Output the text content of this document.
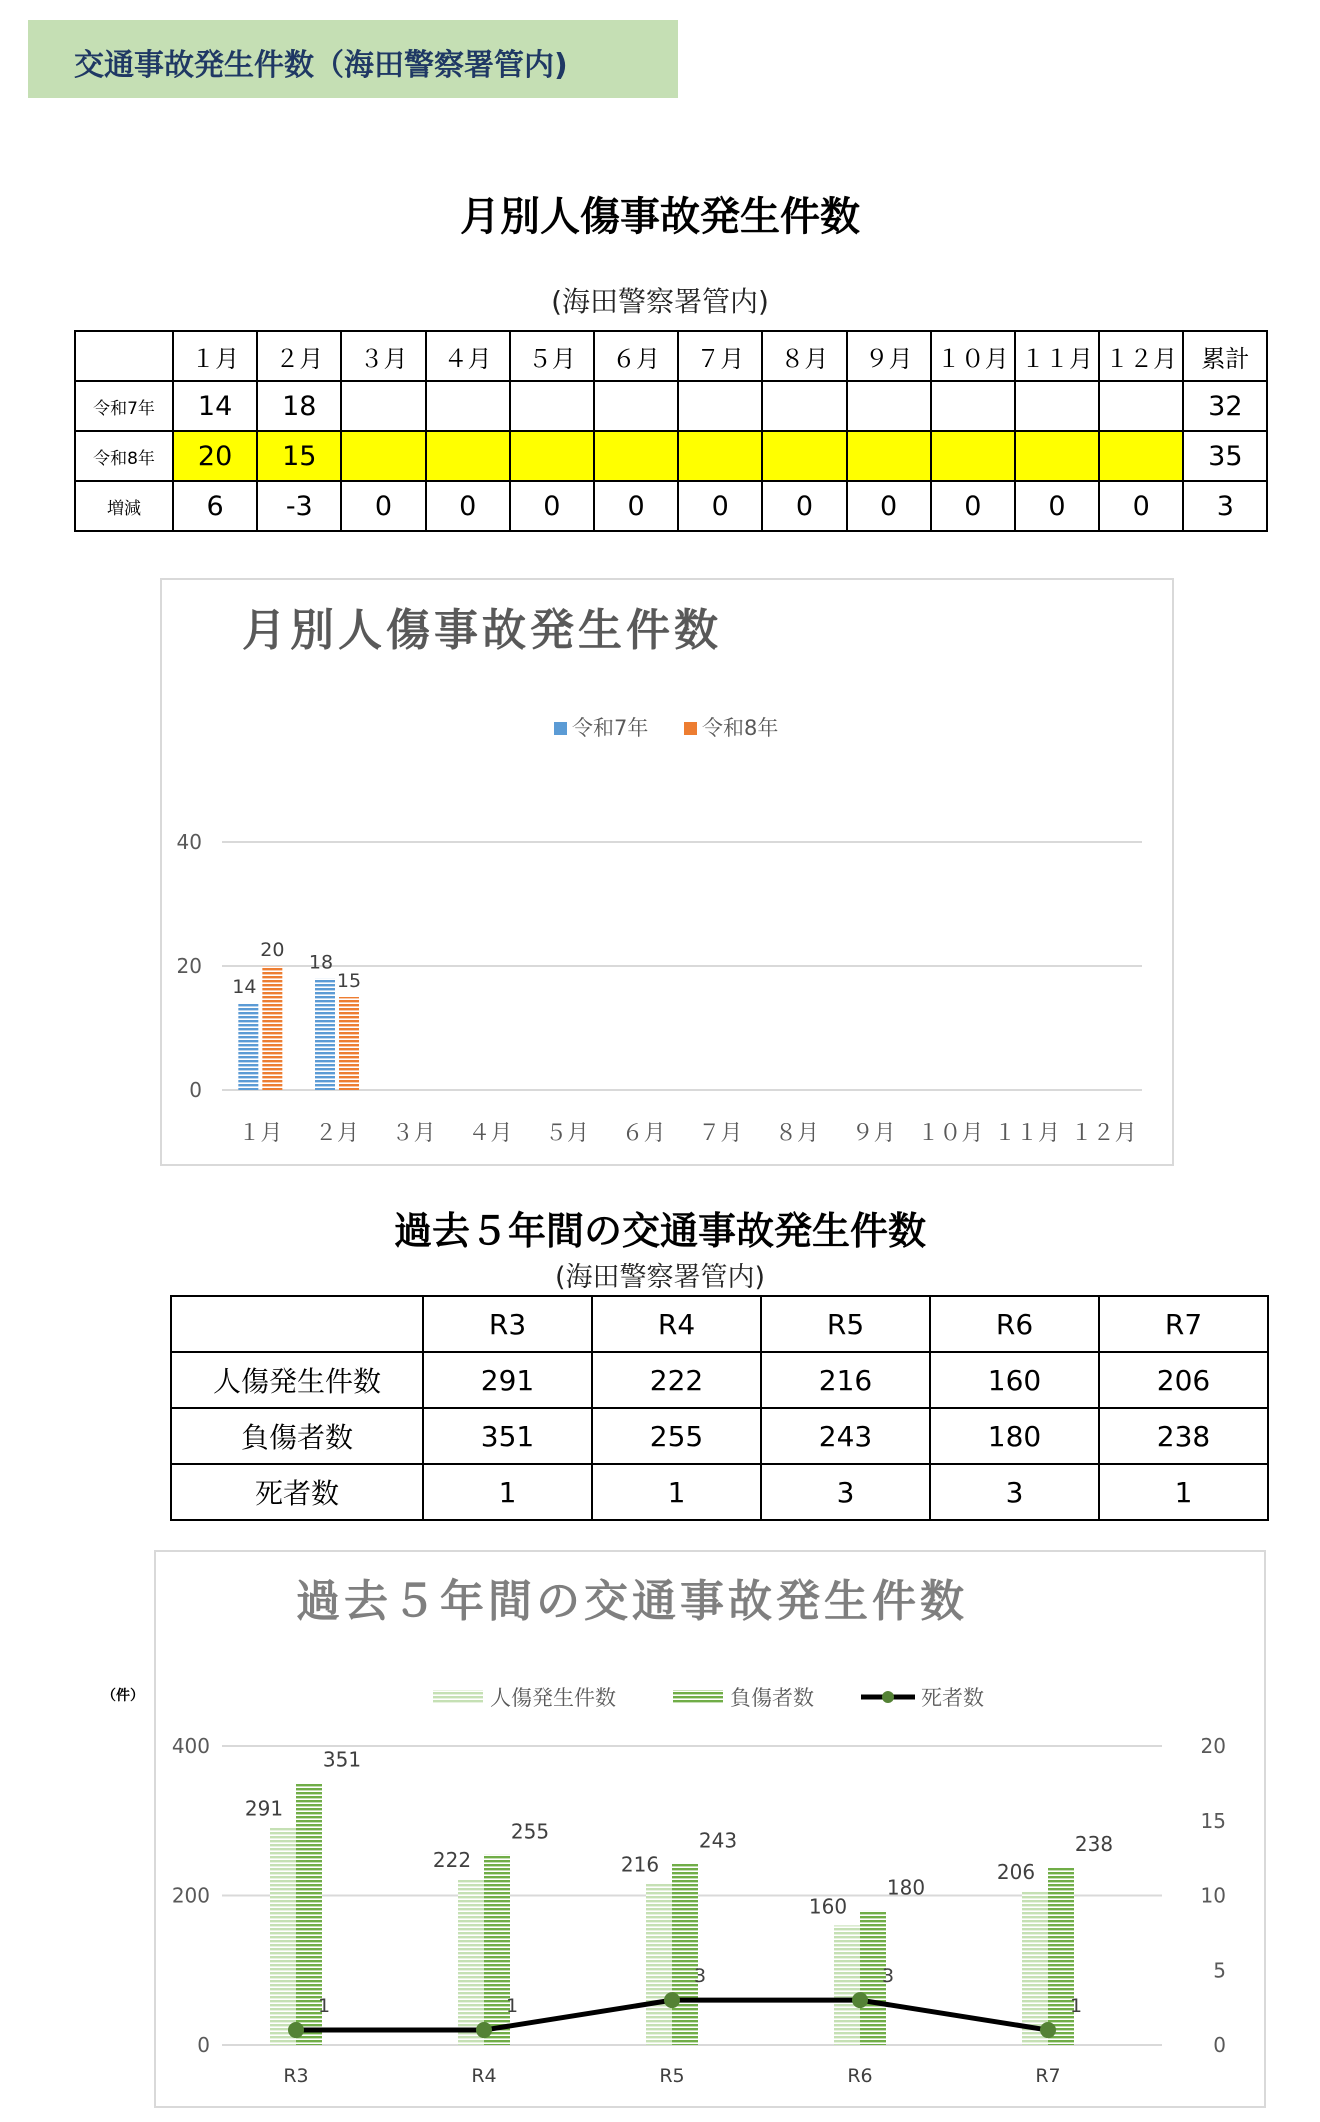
交通事故発生件数（海田警察署管内)
月別人傷事故発生件数
(海田警察署管内)
	１月	２月	３月	４月	５月	６月	７月	８月	９月	１０月	１１月	１２月	累計
令和7年	14	18											32
令和8年	20	15											35
増減	6	-3	0	0	0	0	0	0	0	0	0	0	3
月別人傷事故発生件数
令和7年	令和8年
0
20
40
１月
14
20
２月
18
15
３月 ４月 ５月 ６月 ７月 ８月 ９月 １０月 １１月 １２月
過去５年間の交通事故発生件数
(海田警察署管内)
	R3	R4	R5	R6	R7
人傷発生件数	291	222	216	160	206
負傷者数	351	255	243	180	238
死者数	1	1	3	3	1
過去５年間の交通事故発生件数
（件）	人傷発生件数	負傷者数	死者数
0
200
400
0
5
10
15
20
R3
291
351
R4
222
255
R5
216
243
R6
160
180
R7
206
238
1	1
3	3
1
